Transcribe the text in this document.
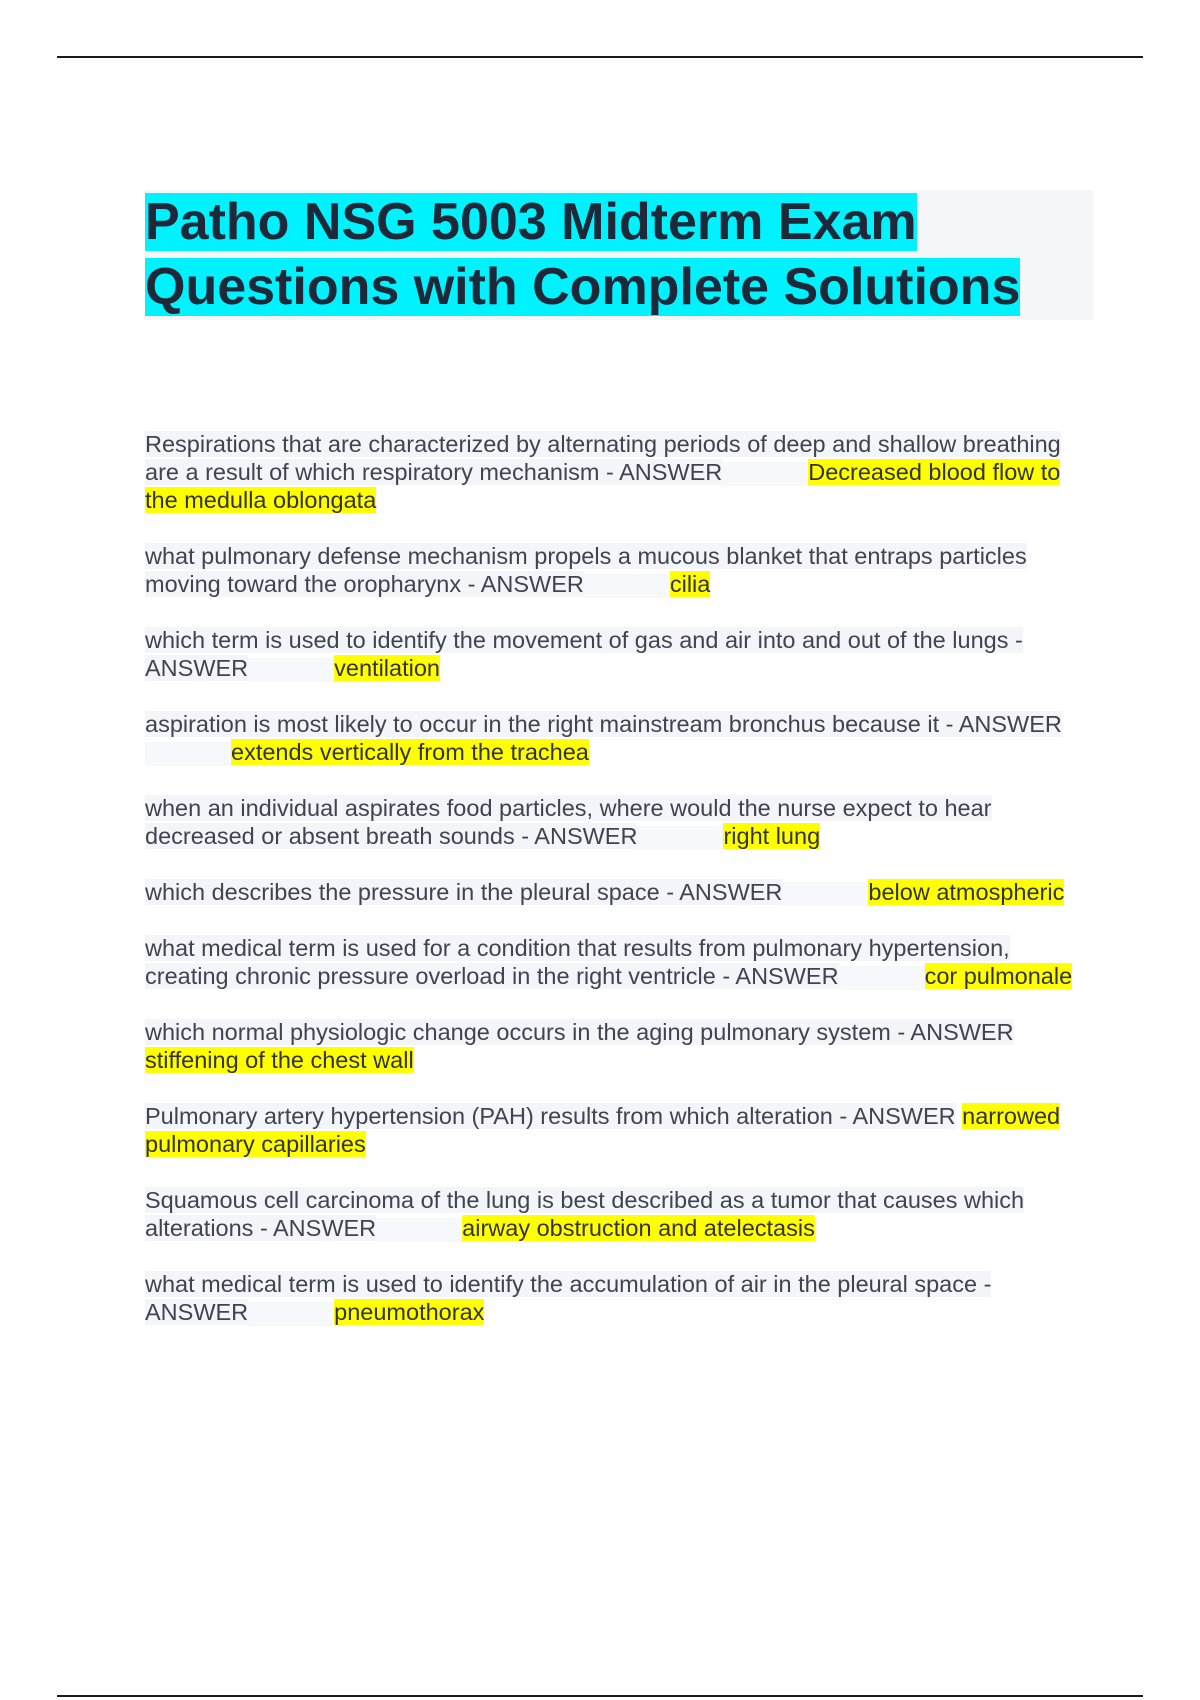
Patho NSG 5003 Midterm Exam Questions with Complete Solutions

Respirations that are characterized by alternating periods of deep and shallow breathing are a result of which respiratory mechanism - ANSWER	Decreased blood flow to the medulla oblongata

what pulmonary defense mechanism propels a mucous blanket that entraps particles moving toward the oropharynx - ANSWER	cilia

which term is used to identify the movement of gas and air into and out of the lungs - ANSWER	ventilation

aspiration is most likely to occur in the right mainstream bronchus because it - ANSWERextends vertically from the trachea

when an individual aspirates food particles, where would the nurse expect to hear decreased or absent breath sounds - ANSWER	right lung

which describes the pressure in the pleural space - ANSWER	below atmospheric

what medical term is used for a condition that results from pulmonary hypertension, creating chronic pressure overload in the right ventricle - ANSWER	cor pulmonale

which normal physiologic change occurs in the aging pulmonary system - ANSWER stiffening of the chest wall

Pulmonary artery hypertension (PAH) results from which alteration - ANSWER narrowed pulmonary capillaries

Squamous cell carcinoma of the lung is best described as a tumor that causes which alterations - ANSWER	airway obstruction and atelectasis

what medical term is used to identify the accumulation of air in the pleural space - ANSWER	pneumothorax
